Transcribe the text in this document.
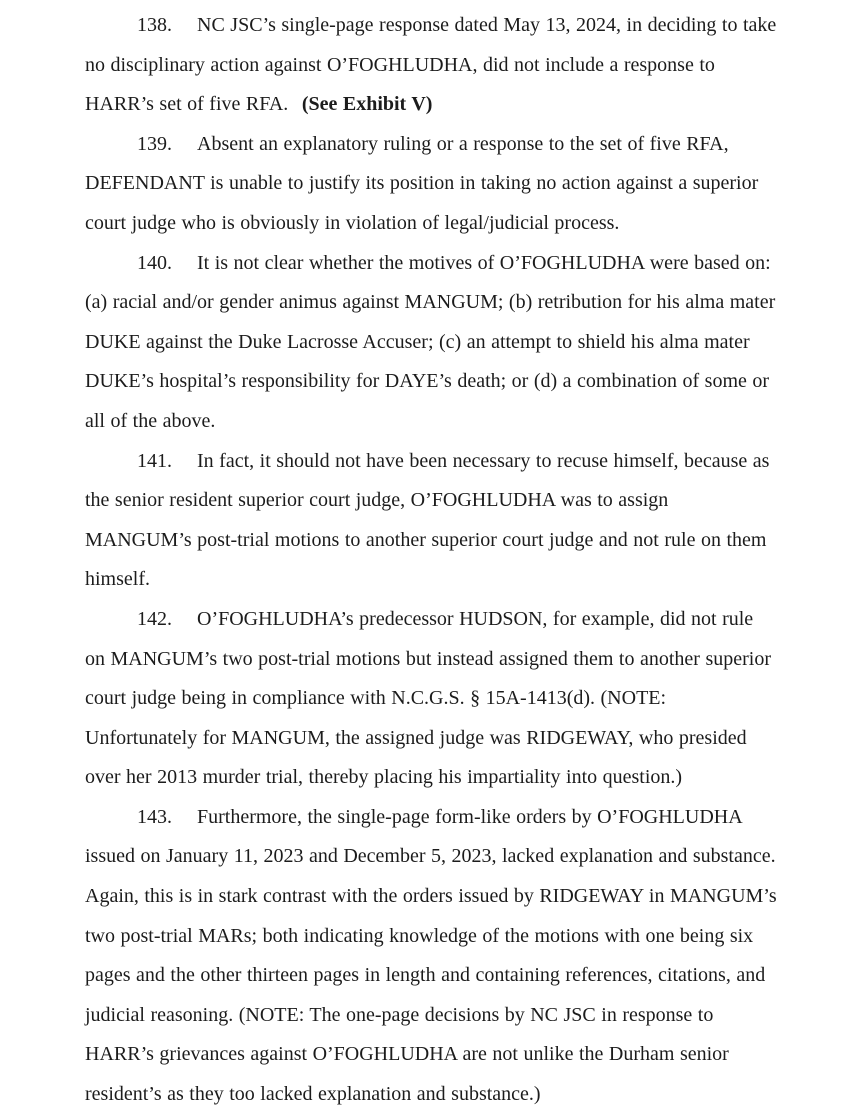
138. NC JSC’s single-page response dated May 13, 2024, in deciding to take no disciplinary action against O’FOGHLUDHA, did not include a response to HARR’s set of five RFA. (See Exhibit V)

139. Absent an explanatory ruling or a response to the set of five RFA, DEFENDANT is unable to justify its position in taking no action against a superior court judge who is obviously in violation of legal/judicial process.

140. It is not clear whether the motives of O’FOGHLUDHA were based on: (a) racial and/or gender animus against MANGUM; (b) retribution for his alma mater DUKE against the Duke Lacrosse Accuser; (c) an attempt to shield his alma mater DUKE’s hospital’s responsibility for DAYE’s death; or (d) a combination of some or all of the above.

141. In fact, it should not have been necessary to recuse himself, because as the senior resident superior court judge, O’FOGHLUDHA was to assign MANGUM’s post-trial motions to another superior court judge and not rule on them himself.

142. O’FOGHLUDHA’s predecessor HUDSON, for example, did not rule on MANGUM’s two post-trial motions but instead assigned them to another superior court judge being in compliance with N.C.G.S. § 15A-1413(d). (NOTE: Unfortunately for MANGUM, the assigned judge was RIDGEWAY, who presided over her 2013 murder trial, thereby placing his impartiality into question.)

143. Furthermore, the single-page form-like orders by O’FOGHLUDHA issued on January 11, 2023 and December 5, 2023, lacked explanation and substance. Again, this is in stark contrast with the orders issued by RIDGEWAY in MANGUM’s two post-trial MARs; both indicating knowledge of the motions with one being six pages and the other thirteen pages in length and containing references, citations, and judicial reasoning. (NOTE: The one-page decisions by NC JSC in response to HARR’s grievances against O’FOGHLUDHA are not unlike the Durham senior resident’s as they too lacked explanation and substance.)
